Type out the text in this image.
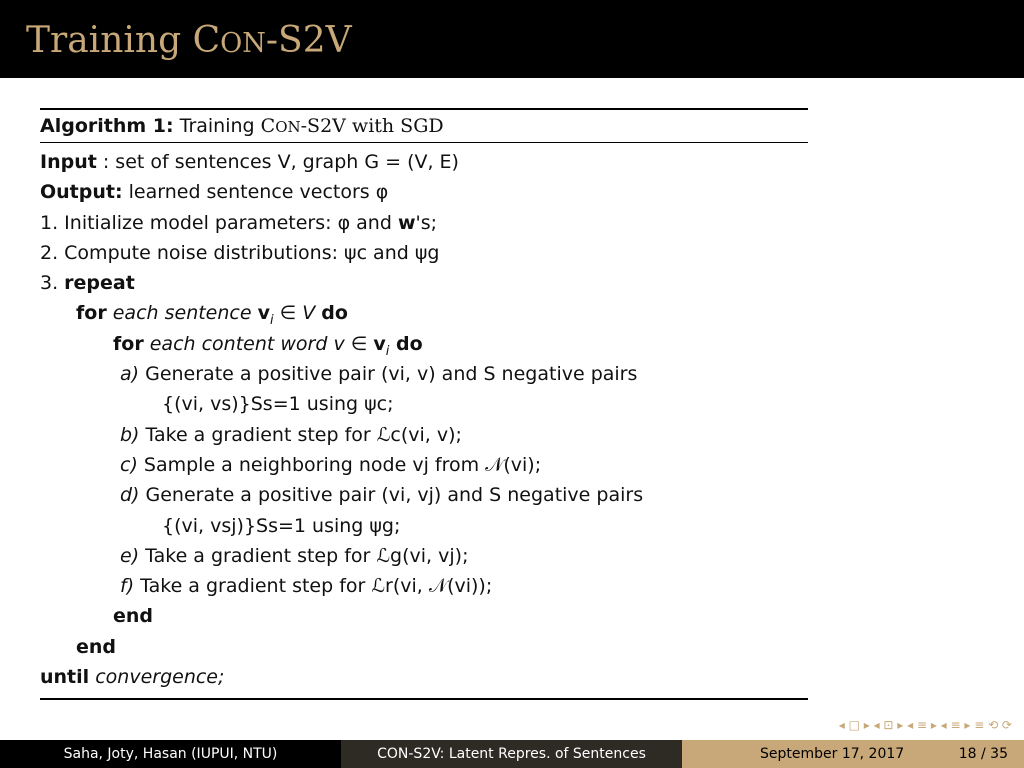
Training CON-S2V
Algorithm 1: Training CON-S2V with SGD
Input : set of sentences V, graph G = (V, E)
Output: learned sentence vectors φ
1. Initialize model parameters: φ and w's;
2. Compute noise distributions: ψc and ψg
3. repeat
for each sentence $v_i$ ∈ V do
for each content word v ∈ $v_i$ do
a) Generate a positive pair (vi, v) and S negative pairs
{(vi, vs)}Ss=1 using ψc;
b) Take a gradient step for ℒc(vi, v);
c) Sample a neighboring node vj from 𝒩(vi);
d) Generate a positive pair (vi, vj) and S negative pairs
{(vi, vsj)}Ss=1 using ψg;
e) Take a gradient step for ℒg(vi, vj);
f) Take a gradient step for ℒr(vi, 𝒩(vi));
end
end
until convergence;
◂ □ ▸ ◂ ⊡ ▸ ◂ ≡ ▸ ◂ ≡ ▸ ≡ ⟲ ⟳
Saha, Joty, Hasan (IUPUI, NTU)	CON-S2V: Latent Repres. of Sentences	September 17, 2017	18 / 35
